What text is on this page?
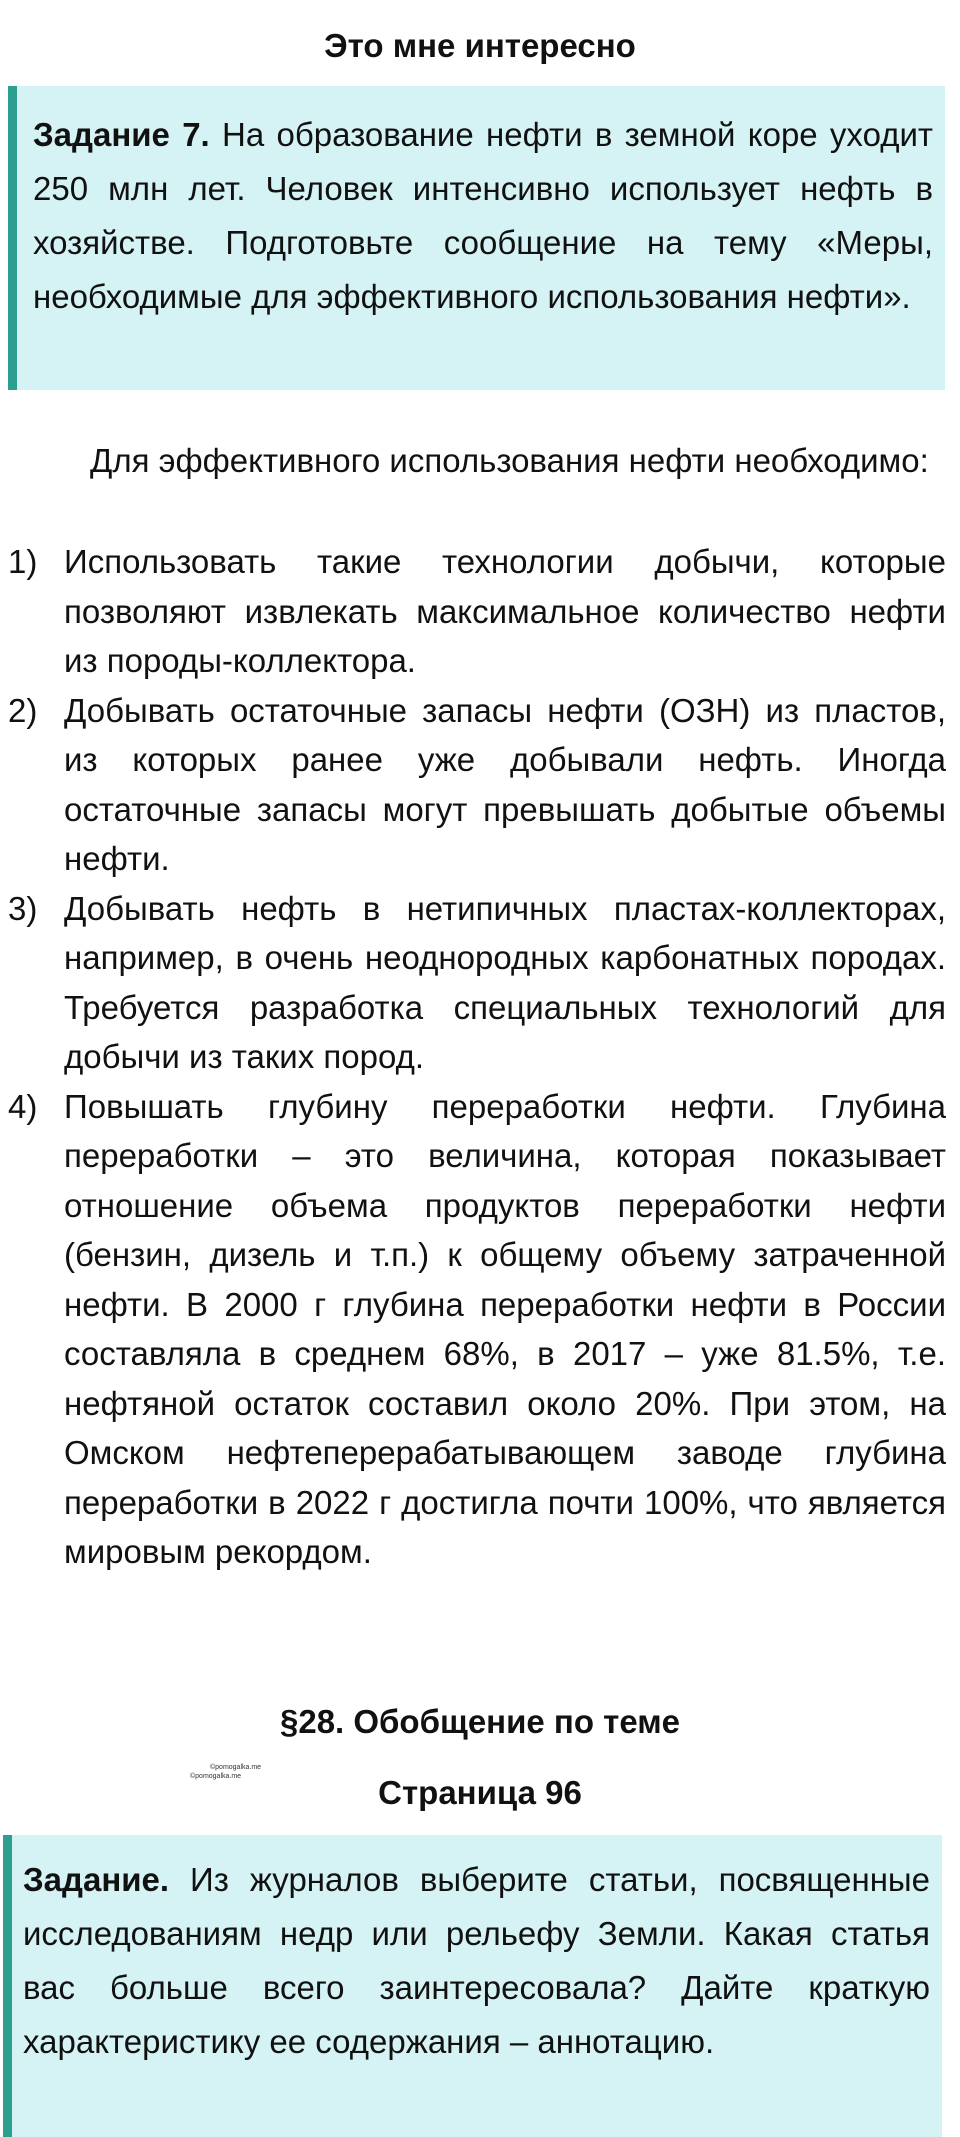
Это мне интересно
Задание 7. На образование нефти в земной коре уходит 250 млн лет. Человек интенсивно использует нефть в хозяйстве. Подготовьте сообщение на тему «Меры, необходимые для эффективного использования нефти».

Для эффективного использования нефти необходимо:

1) Использовать такие технологии добычи, которые позволяют извлекать максимальное количество нефти из породы-коллектора.
2) Добывать остаточные запасы нефти (ОЗН) из пластов, из которых ранее уже добывали нефть. Иногда остаточные запасы могут превышать добытые объемы нефти.
3) Добывать нефть в нетипичных пластах-коллекторах, например, в очень неоднородных карбонатных породах. Требуется разработка специальных технологий для добычи из таких пород.
4) Повышать глубину переработки нефти. Глубина переработки – это величина, которая показывает отношение объема продуктов переработки нефти (бензин, дизель и т.п.) к общему объему затраченной нефти. В 2000 г глубина переработки нефти в России составляла в среднем 68%, в 2017 – уже 81.5%, т.е. нефтяной остаток составил около 20%. При этом, на Омском нефтеперерабатывающем заводе глубина переработки в 2022 г достигла почти 100%, что является мировым рекордом.
§28. Обобщение по теме
©pomogalka.me
©pomogalka.me	Страница 96
Задание. Из журналов выберите статьи, посвященные исследованиям недр или рельефу Земли. Какая статья вас больше всего заинтересовала? Дайте краткую характеристику ее содержания – аннотацию.
